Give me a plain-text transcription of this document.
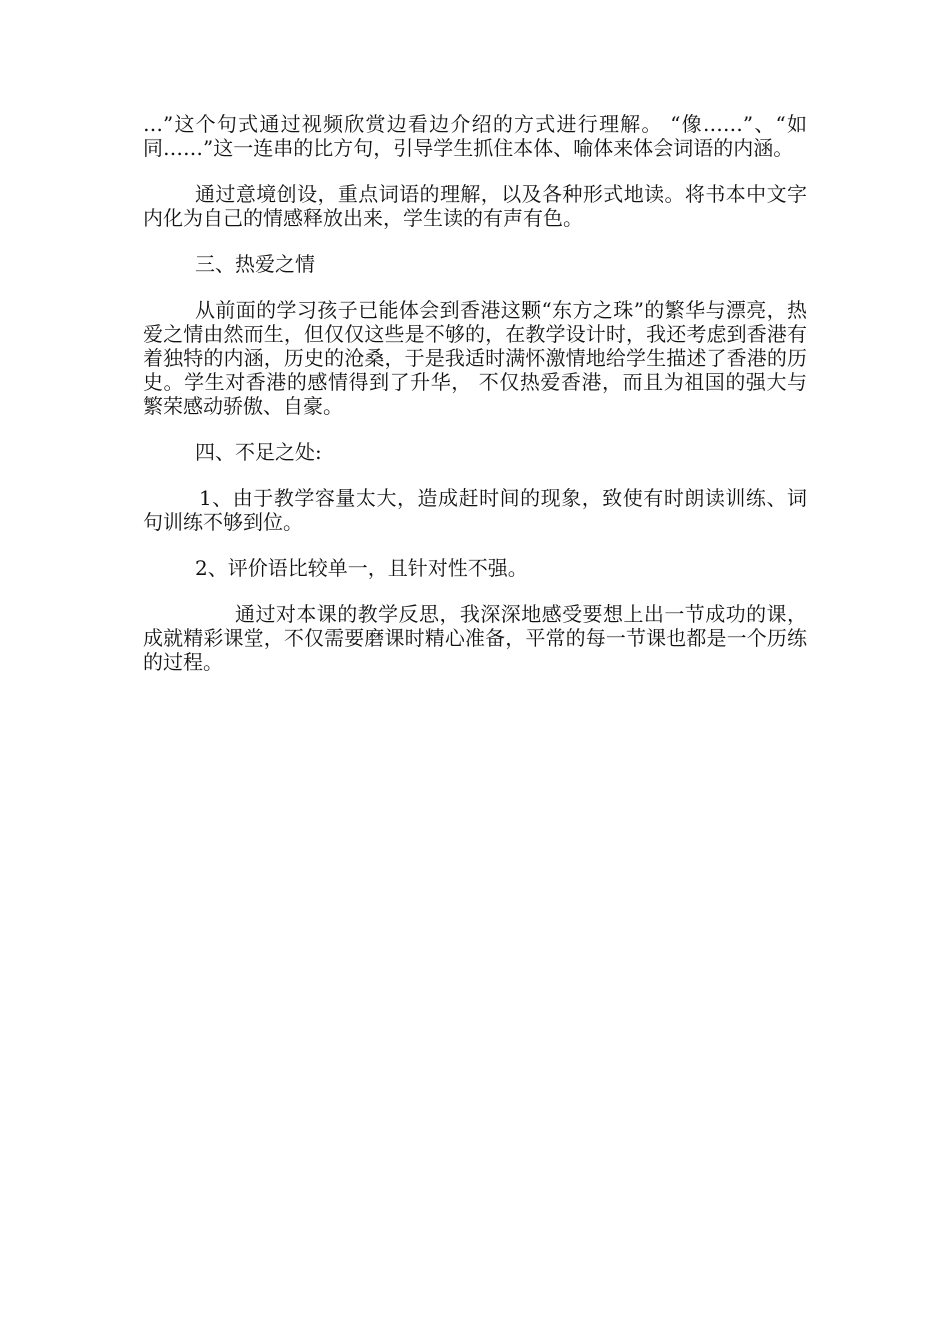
…”这个句式通过视频欣赏边看边介绍的方式进行理解。 “像……”、“如同……”这一连串的比方句，引导学生抓住本体、喻体来体会词语的内涵。

通过意境创设，重点词语的理解，以及各种形式地读。将书本中文字内化为自己的情感释放出来，学生读的有声有色。

三、热爱之情

从前面的学习孩子已能体会到香港这颗“东方之珠”的繁华与漂亮，热爱之情由然而生，但仅仅这些是不够的，在教学设计时，我还考虑到香港有着独特的内涵，历史的沧桑，于是我适时满怀激情地给学生描述了香港的历史。学生对香港的感情得到了升华， 不仅热爱香港，而且为祖国的强大与繁荣感动骄傲、自豪。

四、不足之处:

1、由于教学容量太大，造成赶时间的现象，致使有时朗读训练、词句训练不够到位。

2、评价语比较单一，且针对性不强。

通过对本课的教学反思，我深深地感受要想上出一节成功的课，成就精彩课堂，不仅需要磨课时精心准备，平常的每一节课也都是一个历练的过程。
